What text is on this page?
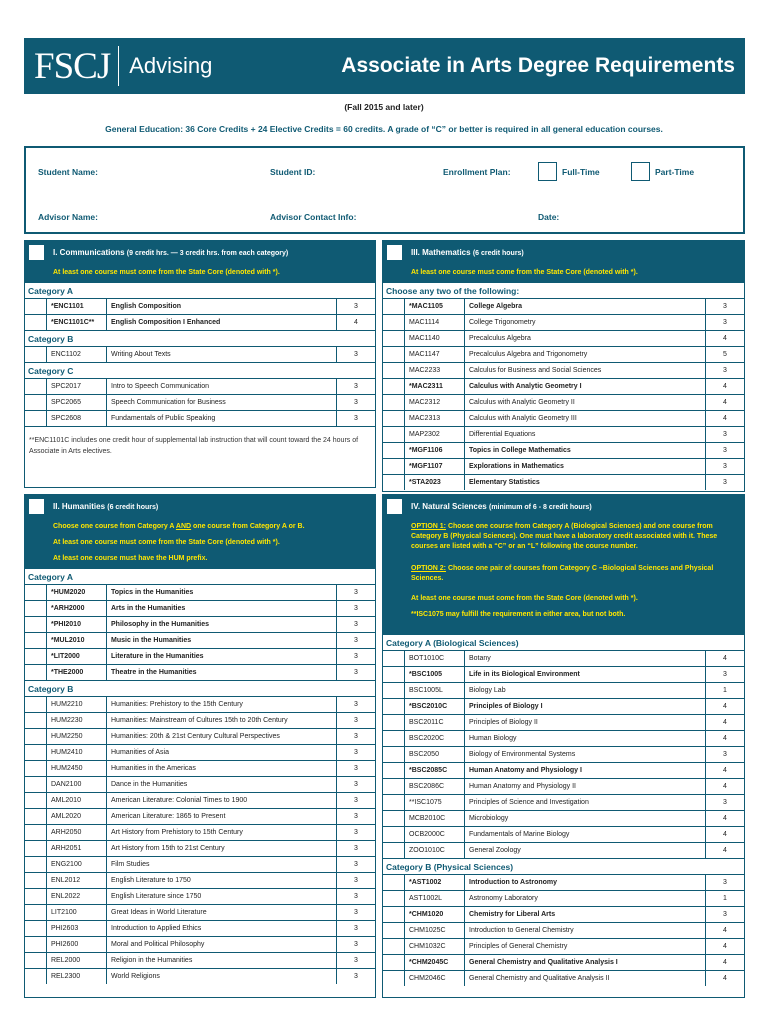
FSCJ Advising	Associate in Arts Degree Requirements
(Fall 2015 and later)
General Education: 36 Core Credits + 24 Elective Credits = 60 credits. A grade of “C” or better is required in all general education courses.
Student Name:	Student ID:	Enrollment Plan:	Full-Time	Part-Time
Advisor Name:	Advisor Contact Info:	Date:
I. Communications (9 credit hrs. — 3 credit hrs. from each category)
At least one course must come from the State Core (denoted with *).
Category A
*ENC1101	English Composition	3
*ENC1101C**	English Composition I Enhanced	4
Category B
ENC1102	Writing About Texts	3
Category C
SPC2017	Intro to Speech Communication	3
SPC2065	Speech Communication for Business	3
SPC2608	Fundamentals of Public Speaking	3
**ENC1101C includes one credit hour of supplemental lab instruction that will count toward the 24 hours of Associate in Arts electives.
II. Humanities (6 credit hours)
Choose one course from Category A AND one course from Category A or B.
At least one course must come from the State Core (denoted with *).
At least one course must have the HUM prefix.
Category A
*HUM2020	Topics in the Humanities	3
*ARH2000	Arts in the Humanities	3
*PHI2010	Philosophy in the Humanities	3
*MUL2010	Music in the Humanities	3
*LIT2000	Literature in the Humanities	3
*THE2000	Theatre in the Humanities	3
Category B
HUM2210	Humanities: Prehistory to the 15th Century	3
HUM2230	Humanities: Mainstream of Cultures 15th to 20th Century	3
HUM2250	Humanities: 20th & 21st Century Cultural Perspectives	3
HUM2410	Humanities of Asia	3
HUM2450	Humanities in the Americas	3
DAN2100	Dance in the Humanities	3
AML2010	American Literature: Colonial Times to 1900	3
AML2020	American Literature: 1865 to Present	3
ARH2050	Art History from Prehistory to 15th Century	3
ARH2051	Art History from 15th to 21st Century	3
ENG2100	Film Studies	3
ENL2012	English Literature to 1750	3
ENL2022	English Literature since 1750	3
LIT2100	Great Ideas in World Literature	3
PHI2603	Introduction to Applied Ethics	3
PHI2600	Moral and Political Philosophy	3
REL2000	Religion in the Humanities	3
REL2300	World Religions	3
III. Mathematics (6 credit hours)
At least one course must come from the State Core (denoted with *).
Choose any two of the following:
*MAC1105	College Algebra	3
MAC1114	College Trigonometry	3
MAC1140	Precalculus Algebra	4
MAC1147	Precalculus Algebra and Trigonometry	5
MAC2233	Calculus for Business and Social Sciences	3
*MAC2311	Calculus with Analytic Geometry I	4
MAC2312	Calculus with Analytic Geometry II	4
MAC2313	Calculus with Analytic Geometry III	4
MAP2302	Differential Equations	3
*MGF1106	Topics in College Mathematics	3
*MGF1107	Explorations in Mathematics	3
*STA2023	Elementary Statistics	3
IV. Natural Sciences (minimum of 6 - 8 credit hours)
OPTION 1: Choose one course from Category A (Biological Sciences) and one course from Category B (Physical Sciences). One must have a laboratory credit associated with it. These courses are listed with a “C” or an “L” following the course number.
OPTION 2: Choose one pair of courses from Category C –Biological Sciences and Physical Sciences.
At least one course must come from the State Core (denoted with *).
**ISC1075 may fulfill the requirement in either area, but not both.
Category A (Biological Sciences)
BOT1010C	Botany	4
*BSC1005	Life in its Biological Environment	3
BSC1005L	Biology Lab	1
*BSC2010C	Principles of Biology I	4
BSC2011C	Principles of Biology II	4
BSC2020C	Human Biology	4
BSC2050	Biology of Environmental Systems	3
*BSC2085C	Human Anatomy and Physiology I	4
BSC2086C	Human Anatomy and Physiology II	4
**ISC1075	Principles of Science and Investigation	3
MCB2010C	Microbiology	4
OCB2000C	Fundamentals of Marine Biology	4
ZOO1010C	General Zoology	4
Category B (Physical Sciences)
*AST1002	Introduction to Astronomy	3
AST1002L	Astronomy Laboratory	1
*CHM1020	Chemistry for Liberal Arts	3
CHM1025C	Introduction to General Chemistry	4
CHM1032C	Principles of General Chemistry	4
*CHM2045C	General Chemistry and Qualitative Analysis I	4
CHM2046C	General Chemistry and Qualitative Analysis II	4
